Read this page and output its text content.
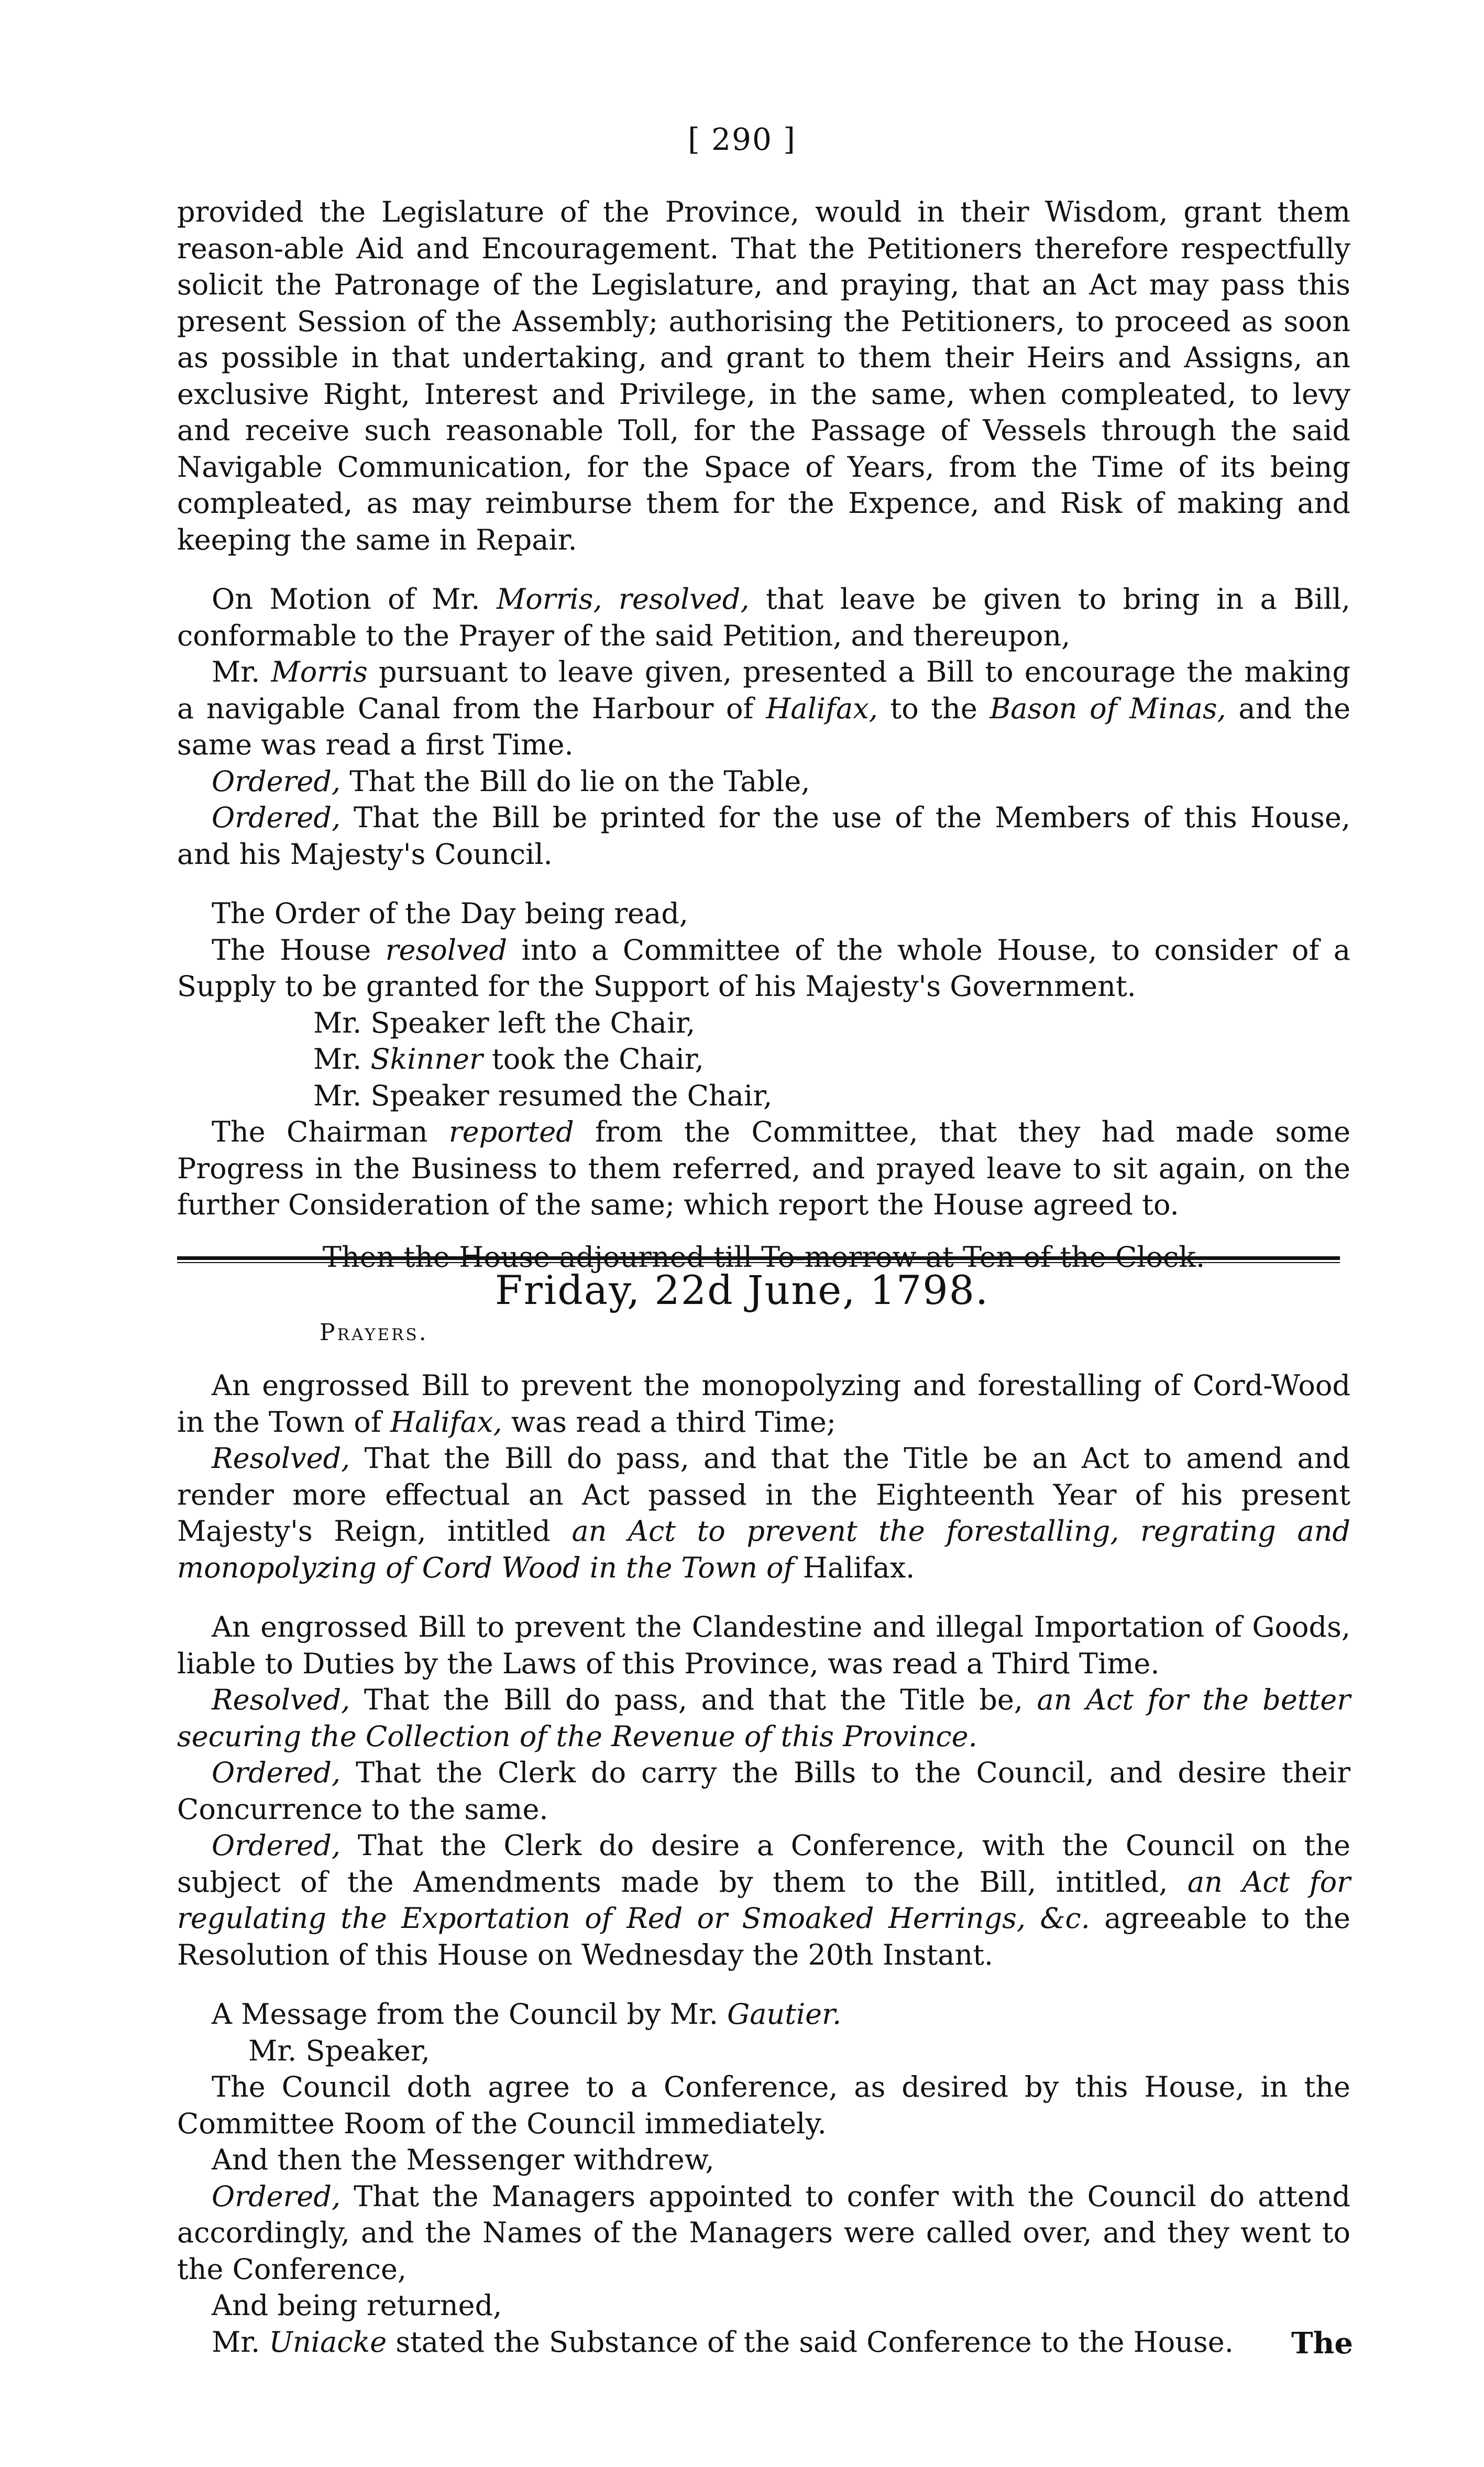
[ 290 ]

provided the Legislature of the Province, would in their Wisdom, grant them reason-able Aid and Encouragement. That the Petitioners therefore respectfully solicit the Patronage of the Legislature, and praying, that an Act may pass this present Session of the Assembly; authorising the Petitioners, to proceed as soon as possible in that undertaking, and grant to them their Heirs and Assigns, an exclusive Right, Interest and Privilege, in the same, when compleated, to levy and receive such reasonable Toll, for the Passage of Vessels through the said Navigable Communication, for the Space of Years, from the Time of its being compleated, as may reimburse them for the Expence, and Risk of making and keeping the same in Repair.

On Motion of Mr. Morris, resolved, that leave be given to bring in a Bill, conformable to the Prayer of the said Petition, and thereupon,

Mr. Morris pursuant to leave given, presented a Bill to encourage the making a navigable Canal from the Harbour of Halifax, to the Bason of Minas, and the same was read a first Time.

Ordered, That the Bill do lie on the Table,

Ordered, That the Bill be printed for the use of the Members of this House, and his Majesty's Council.

The Order of the Day being read,

The House resolved into a Committee of the whole House, to consider of a Supply to be granted for the Support of his Majesty's Government.

Mr. Speaker left the Chair,

Mr. Skinner took the Chair,

Mr. Speaker resumed the Chair,

The Chairman reported from the Committee, that they had made some Progress in the Business to them referred, and prayed leave to sit again, on the further Consideration of the same; which report the House agreed to.

Then the House adjourned till To-morrow at Ten of the Clock.

Friday, 22d June, 1798.
Prayers.

An engrossed Bill to prevent the monopolyzing and forestalling of Cord-Wood in the Town of Halifax, was read a third Time;

Resolved, That the Bill do pass, and that the Title be an Act to amend and render more effectual an Act passed in the Eighteenth Year of his present Majesty's Reign, intitled an Act to prevent the forestalling, regrating and monopolyzing of Cord Wood in the Town of Halifax.

An engrossed Bill to prevent the Clandestine and illegal Importation of Goods, liable to Duties by the Laws of this Province, was read a Third Time.

Resolved, That the Bill do pass, and that the Title be, an Act for the better securing the Collection of the Revenue of this Province.

Ordered, That the Clerk do carry the Bills to the Council, and desire their Concurrence to the same.

Ordered, That the Clerk do desire a Conference, with the Council on the subject of the Amendments made by them to the Bill, intitled, an Act for regulating the Exportation of Red or Smoaked Herrings, &c. agreeable to the Resolution of this House on Wednesday the 20th Instant.

A Message from the Council by Mr. Gautier.

Mr. Speaker,

The Council doth agree to a Conference, as desired by this House, in the Committee Room of the Council immediately.

And then the Messenger withdrew,

Ordered, That the Managers appointed to confer with the Council do attend accordingly, and the Names of the Managers were called over, and they went to the Conference,

And being returned,

Mr. Uniacke stated the Substance of the said Conference to the House.	The
